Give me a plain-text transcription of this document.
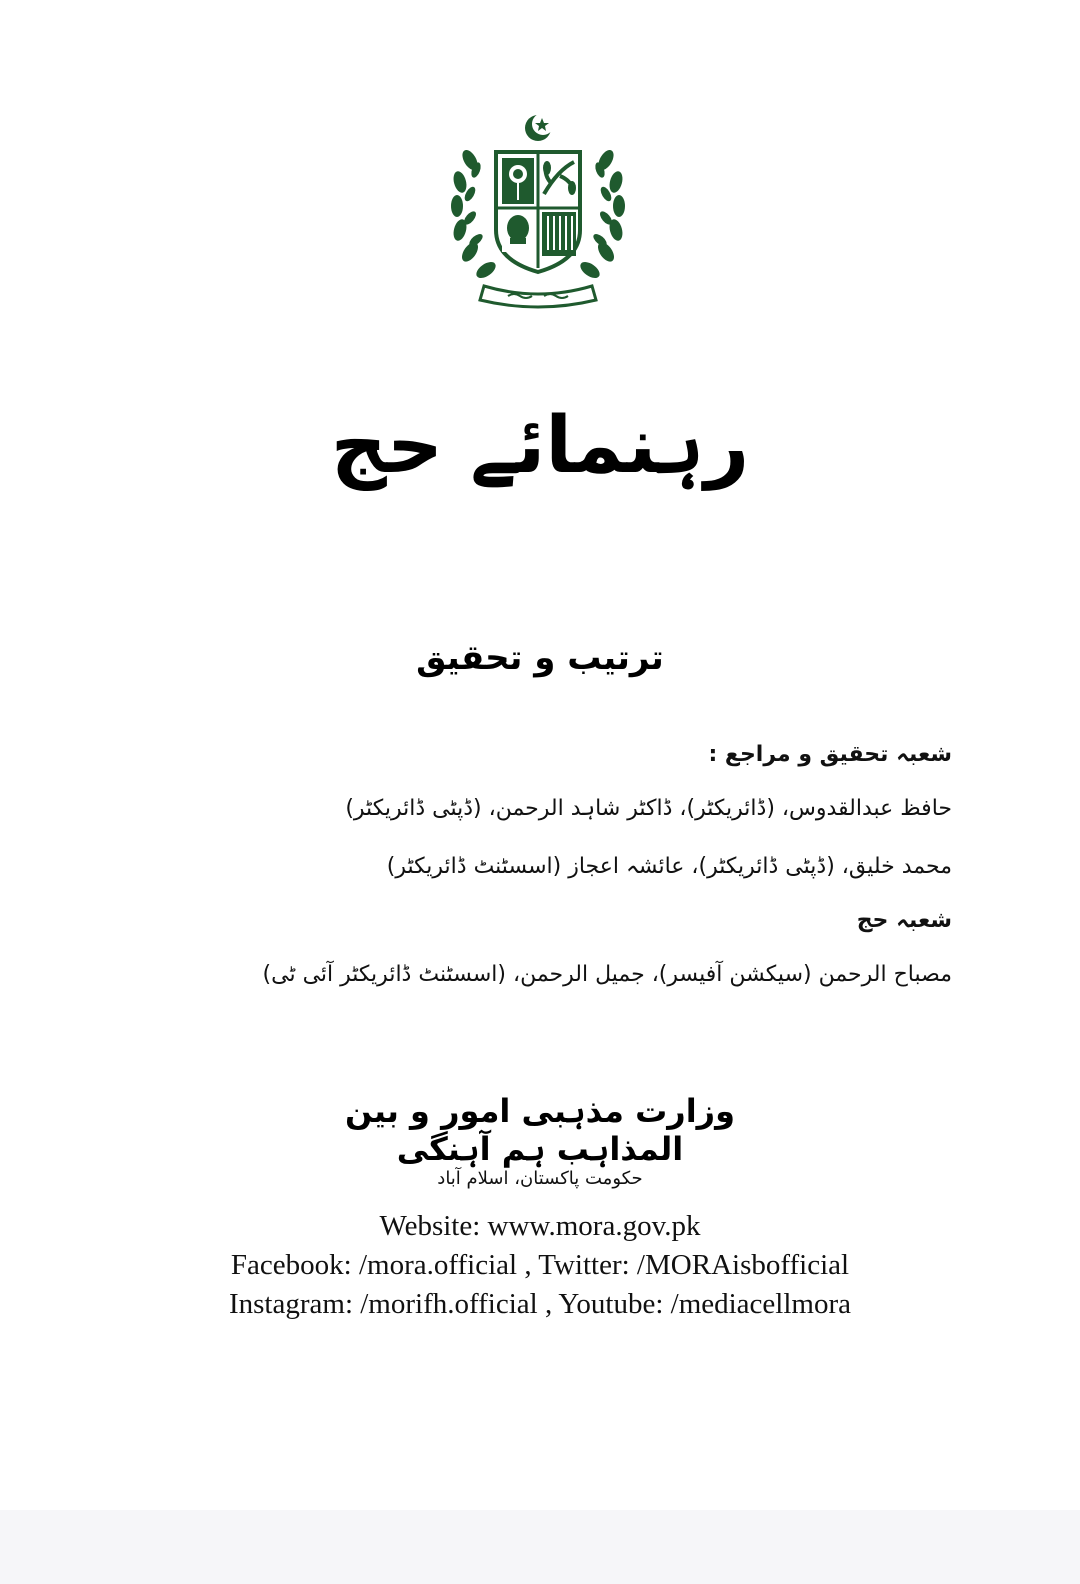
رہنمائے حج
ترتیب و تحقیق
شعبہ تحقیق و مراجع :
حافظ عبدالقدوس، (ڈائریکٹر)، ڈاکٹر شاہد الرحمن، (ڈپٹی ڈائریکٹر)
محمد خلیق، (ڈپٹی ڈائریکٹر)، عائشہ اعجاز (اسسٹنٹ ڈائریکٹر)
شعبہ حج
مصباح الرحمن (سیکشن آفیسر)، جمیل الرحمن، (اسسٹنٹ ڈائریکٹر آئی ٹی)
وزارت مذہبی امور و بین المذاہب ہم آہنگی
حکومت پاکستان، اسلام آباد
Website: www.mora.gov.pk
Facebook: /mora.official , Twitter: /MORAisbofficial
Instagram: /morifh.official , Youtube: /mediacellmora
